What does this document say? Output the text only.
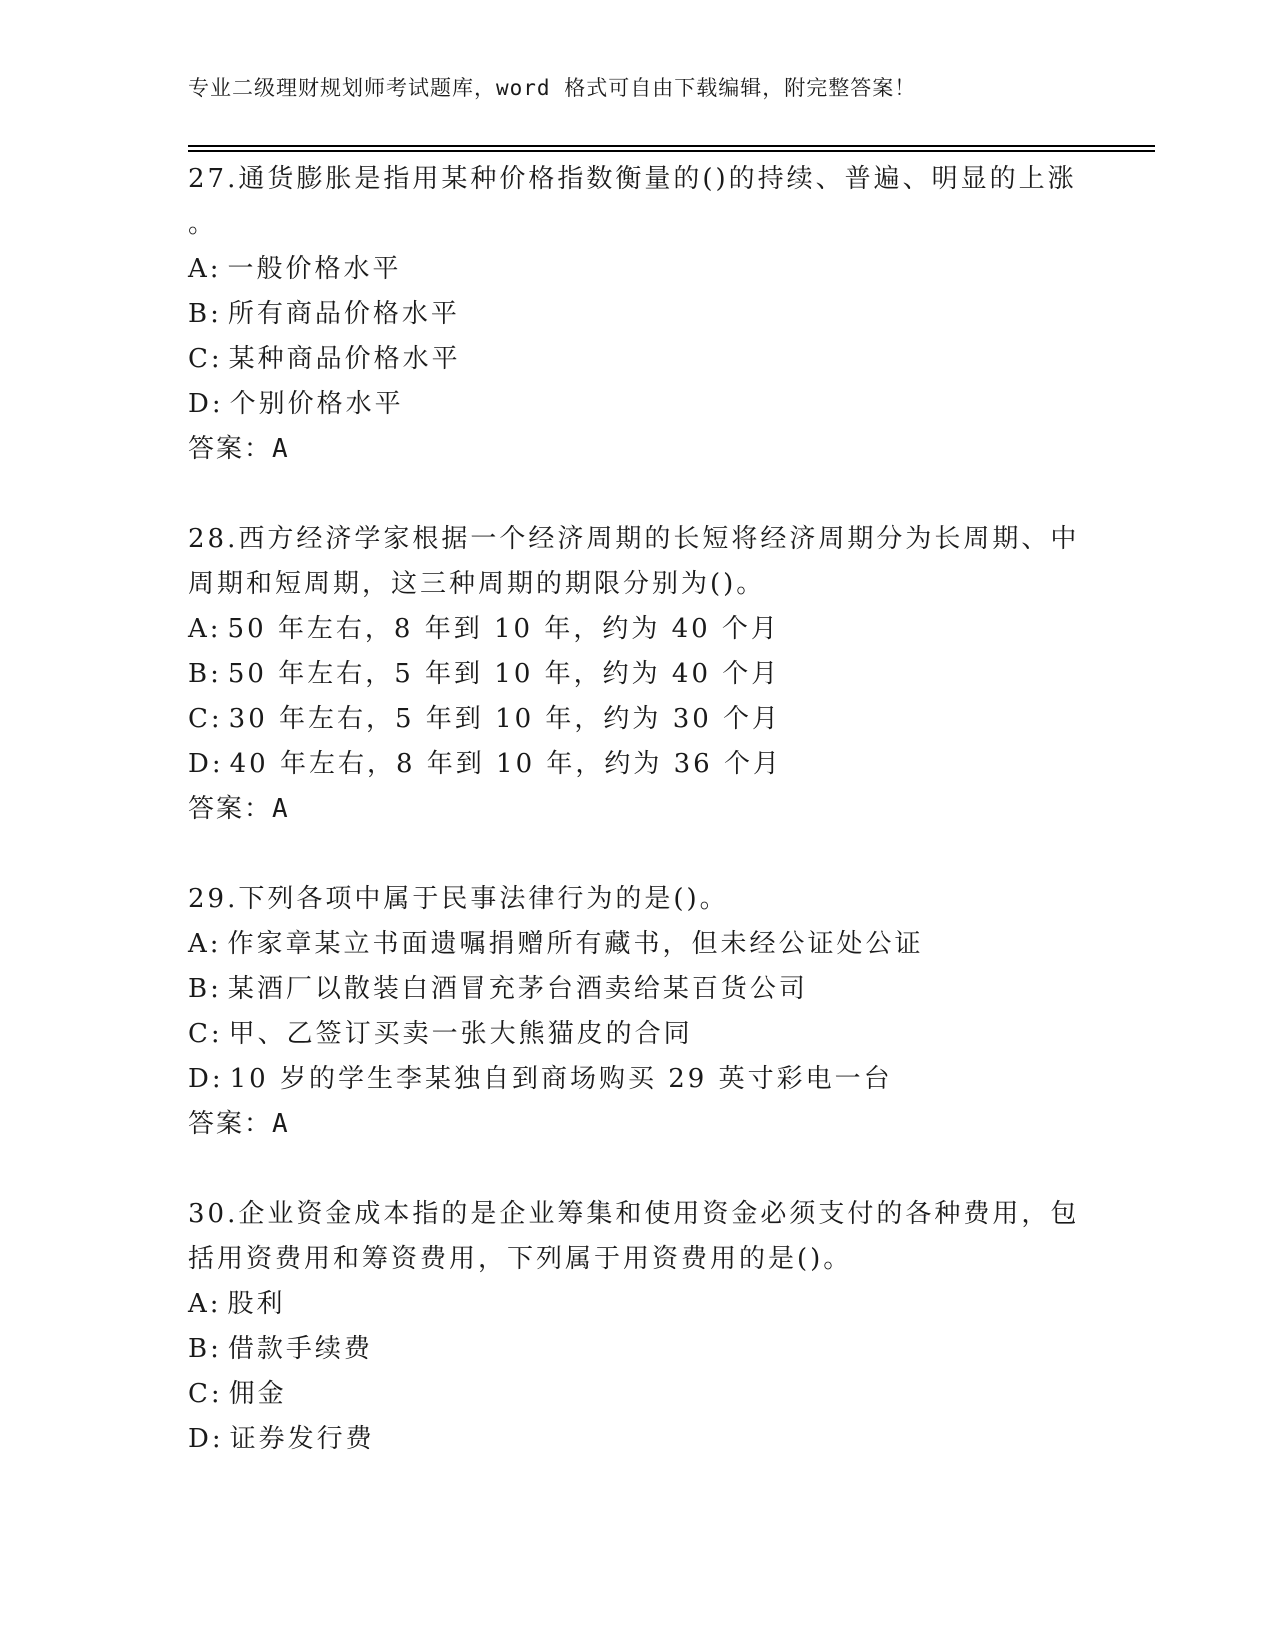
专业二级理财规划师考试题库，word 格式可自由下载编辑，附完整答案！
27.通货膨胀是指用某种价格指数衡量的()的持续、普遍、明显的上涨
。
A: 一般价格水平
B: 所有商品价格水平
C: 某种商品价格水平
D: 个别价格水平
答案：A
28.西方经济学家根据一个经济周期的长短将经济周期分为长周期、中
周期和短周期，这三种周期的期限分别为()。
A: 50 年左右，8 年到 10 年，约为 40 个月
B: 50 年左右，5 年到 10 年，约为 40 个月
C: 30 年左右，5 年到 10 年，约为 30 个月
D: 40 年左右，8 年到 10 年，约为 36 个月
答案：A
29.下列各项中属于民事法律行为的是()。
A: 作家章某立书面遗嘱捐赠所有藏书，但未经公证处公证
B: 某酒厂以散装白酒冒充茅台酒卖给某百货公司
C: 甲、乙签订买卖一张大熊猫皮的合同
D: 10 岁的学生李某独自到商场购买 29 英寸彩电一台
答案：A
30.企业资金成本指的是企业筹集和使用资金必须支付的各种费用，包
括用资费用和筹资费用，下列属于用资费用的是()。
A: 股利
B: 借款手续费
C: 佣金
D: 证券发行费
